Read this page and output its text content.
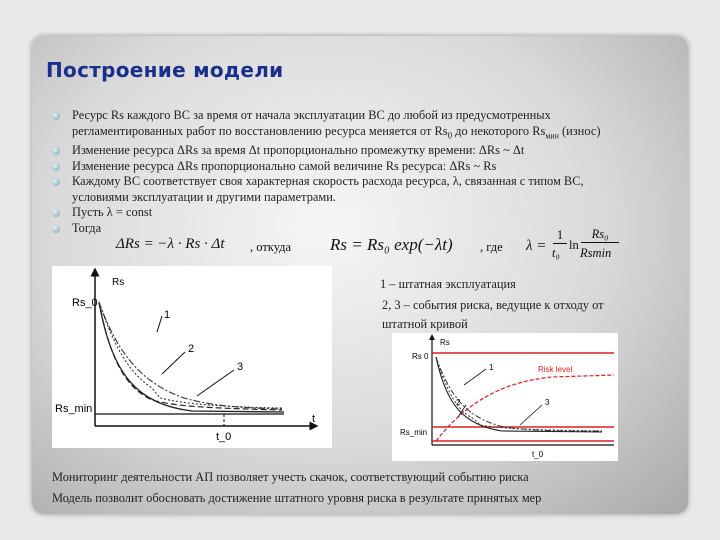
Построение модели
Ресурс Rs каждого ВС за время от начала эксплуатации ВС до любой из предусмотренных
регламентированных работ по восстановлению ресурса меняется от $Rs_0$ до некоторого $Rs_{мин}$ (износ)
Изменение ресурса ΔRs за время Δt пропорционально промежутку времени: ΔRs ~ Δt
Изменение ресурса ΔRs пропорционально самой величине Rs ресурса: ΔRs ~ Rs
Каждому ВС соответствует своя характерная скорость расхода ресурса, λ, связанная с типом ВС,
условиями эксплуатации и другими параметрами.
Пусть λ = const
Тогда
ΔRs = −λ · Rs · Δt , откуда Rs = Rs₀ exp(−λt) , где λ =
1
t₀
ln
Rs₀
Rsmin
Rs
t
Rs_0
Rs_min
t_0
1
2
3
1 – штатная эксплуатация
2, 3 – события риска, ведущие к отходу от
штатной кривой
Rs
Rs 0
Rs_min
t_0
Risk level
1
2	3
Мониторинг деятельности АП позволяет учесть скачок, соответствующий событию риска
Модель позволит обосновать достижение штатного уровня риска в результате принятых мер
